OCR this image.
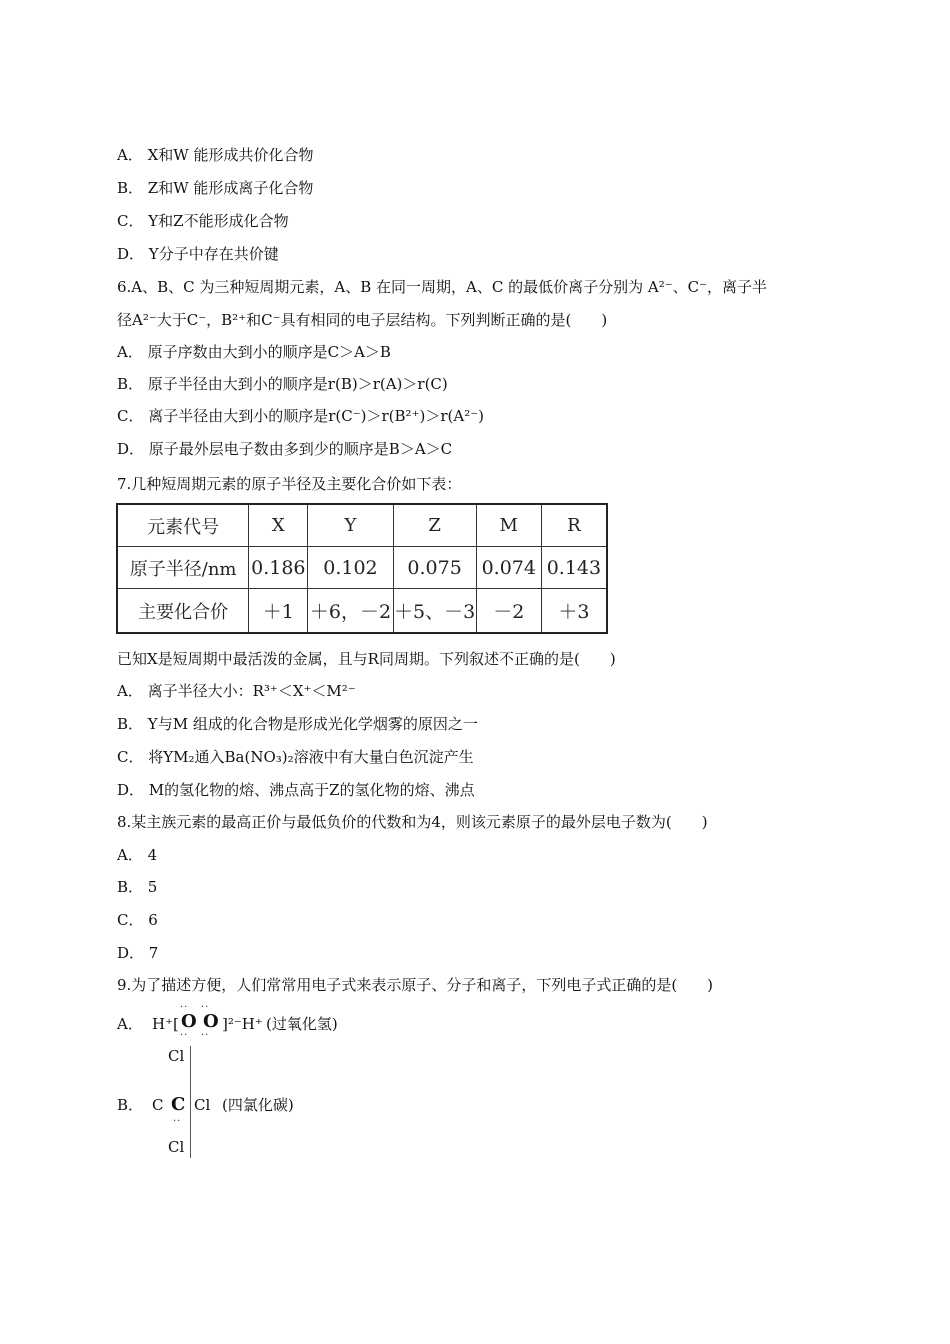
A． X和W 能形成共价化合物
B． Z和W 能形成离子化合物
C． Y和Z不能形成化合物
D． Y分子中存在共价键
6.A、B、C 为三种短周期元素，A、B 在同一周期，A、C 的最低价离子分别为 A²⁻、C⁻，离子半
径A²⁻大于C⁻，B²⁺和C⁻具有相同的电子层结构。下列判断正确的是(　　)
A． 原子序数由大到小的顺序是C＞A＞B
B． 原子半径由大到小的顺序是r(B)＞r(A)＞r(C)
C． 离子半径由大到小的顺序是r(C⁻)＞r(B²⁺)＞r(A²⁻)
D． 原子最外层电子数由多到少的顺序是B＞A＞C
7.几种短周期元素的原子半径及主要化合价如下表：
元素代号	X	Y	Z	M	R
原子半径/nm	0.186	0.102	0.075	0.074	0.143
主要化合价	＋1	＋6，－2	＋5、－3	－2	＋3
已知X是短周期中最活泼的金属，且与R同周期。下列叙述不正确的是(　　)
A． 离子半径大小：R³⁺＜X⁺＜M²⁻
B． Y与M 组成的化合物是形成光化学烟雾的原因之一
C． 将YM₂通入Ba(NO₃)₂溶液中有大量白色沉淀产生
D． M的氢化物的熔、沸点高于Z的氢化物的熔、沸点
8.某主族元素的最高正价与最低负价的代数和为4，则该元素原子的最外层电子数为(　　)
A． 4
B． 5
C． 6
D． 7
9.为了描述方便，人们常常用电子式来表示原子、分子和离子，下列电子式正确的是(　　)
A． H⁺[
··   ··
O O
··   ··
]²⁻H⁺ (过氧化氢)
Cl
B． C C Cl (四氯化碳)
··
Cl
